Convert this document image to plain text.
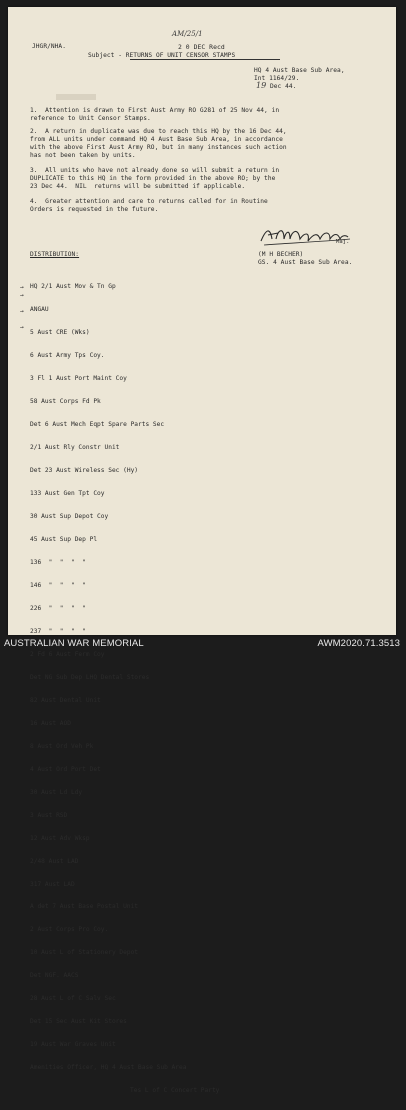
JHGR/NHA.
AM/25/1
2 0 DEC Recd
Subject - RETURNS OF UNIT CENSOR STAMPS
HQ 4 Aust Base Sub Area,
Int 1164/29.
19 Dec 44.
1.  Attention is drawn to First Aust Army RO G281 of 25 Nov 44, in
reference to Unit Censor Stamps.
2.  A return in duplicate was due to reach this HQ by the 16 Dec 44,
from ALL units under command HQ 4 Aust Base Sub Area, in accordance
with the above First Aust Army RO, but in many instances such action
has not been taken by units.
3.  All units who have not already done so will submit a return in
DUPLICATE to this HQ in the form provided in the above RO; by the
23 Dec 44.  NIL  returns will be submitted if applicable.
4.  Greater attention and care to returns called for in Routine
Orders is requested in the future.
Maj.
DISTRIBUTION:	(M H BECHER)
GS. 4 Aust Base Sub Area.
→
→
→
→

HQ 2/1 Aust Mov & Tn Gp

ANGAU

5 Aust CRE (Wks)

6 Aust Army Tps Coy.

3 Fl 1 Aust Port Maint Coy

58 Aust Corps Fd Pk

Det 6 Aust Mech Eqpt Spare Parts Sec

2/1 Aust Rly Constr Unit

Det 23 Aust Wireless Sec (Hy)

133 Aust Gen Tpt Coy

30 Aust Sup Depot Coy

45 Aust Sup Dep Pl

136  "  "  "  "

146  "  "  "  "

226  "  "  "  "

237  "  "  "  "

2 Fd 6 Aust Ferm Coy

Det NG Sub Dep LHQ Dental Stores

82 Aust Dental Unit

16 Aust AOD

8 Aust Ord Veh Pk

4 Aust Ord Port Det

30 Aust Ld Ldy

3 Aust RSD

12 Aust Adv Wksp

2/48 Aust LAD

317 Aust LAD

A det 7 Aust Base Postal Unit

2 Aust Corps Pro Coy.

10 Aust L of Stationery Depot

Det NGF. AACS

28 Aust L of C Salv Sec

Det 15 Sec Aust Kit Stores

19 Aust War Graves Unit

Amenities Officer, HQ 4 Aust Base Sub Area

Tes L of C Concert Party

AUSTRALIAN WAR MEMORIAL	AWM2020.71.3513
